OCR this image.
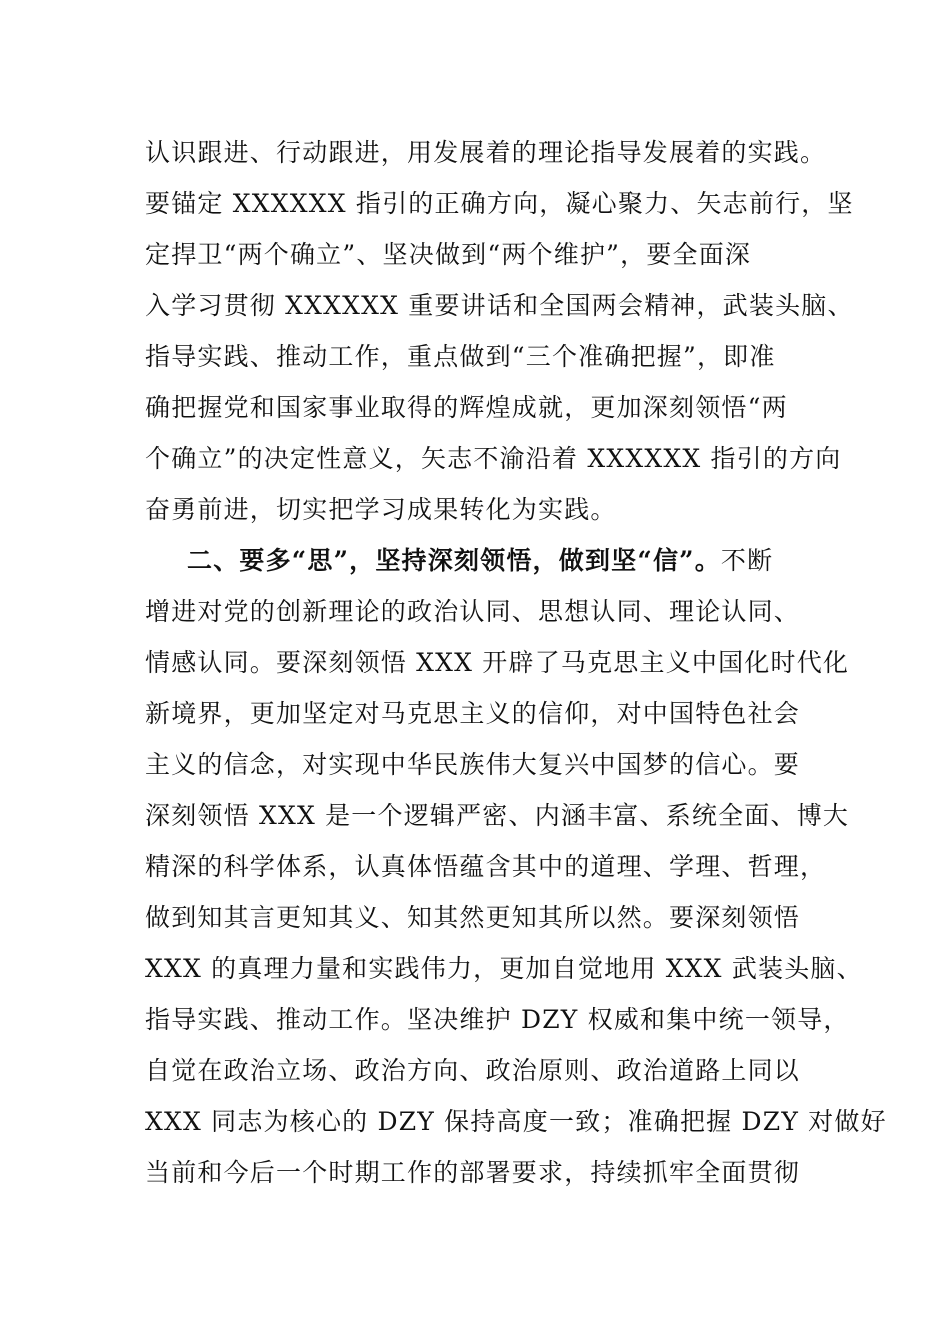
认识跟进、行动跟进，用发展着的理论指导发展着的实践。
要锚定 XXXXXX 指引的正确方向，凝心聚力、矢志前行，坚
定捍卫“两个确立”、坚决做到“两个维护”，要全面深
入学习贯彻 XXXXXX 重要讲话和全国两会精神，武装头脑、
指导实践、推动工作，重点做到“三个准确把握”，即准
确把握党和国家事业取得的辉煌成就，更加深刻领悟“两
个确立”的决定性意义，矢志不渝沿着 XXXXXX 指引的方向
奋勇前进，切实把学习成果转化为实践。
二、要多“思”，坚持深刻领悟，做到坚“信”。不断
增进对党的创新理论的政治认同、思想认同、理论认同、
情感认同。要深刻领悟 XXX 开辟了马克思主义中国化时代化
新境界，更加坚定对马克思主义的信仰，对中国特色社会
主义的信念，对实现中华民族伟大复兴中国梦的信心。要
深刻领悟 XXX 是一个逻辑严密、内涵丰富、系统全面、博大
精深的科学体系，认真体悟蕴含其中的道理、学理、哲理，
做到知其言更知其义、知其然更知其所以然。要深刻领悟
XXX 的真理力量和实践伟力，更加自觉地用 XXX 武装头脑、
指导实践、推动工作。坚决维护 DZY 权威和集中统一领导，
自觉在政治立场、政治方向、政治原则、政治道路上同以
XXX 同志为核心的 DZY 保持高度一致；准确把握 DZY 对做好
当前和今后一个时期工作的部署要求，持续抓牢全面贯彻
